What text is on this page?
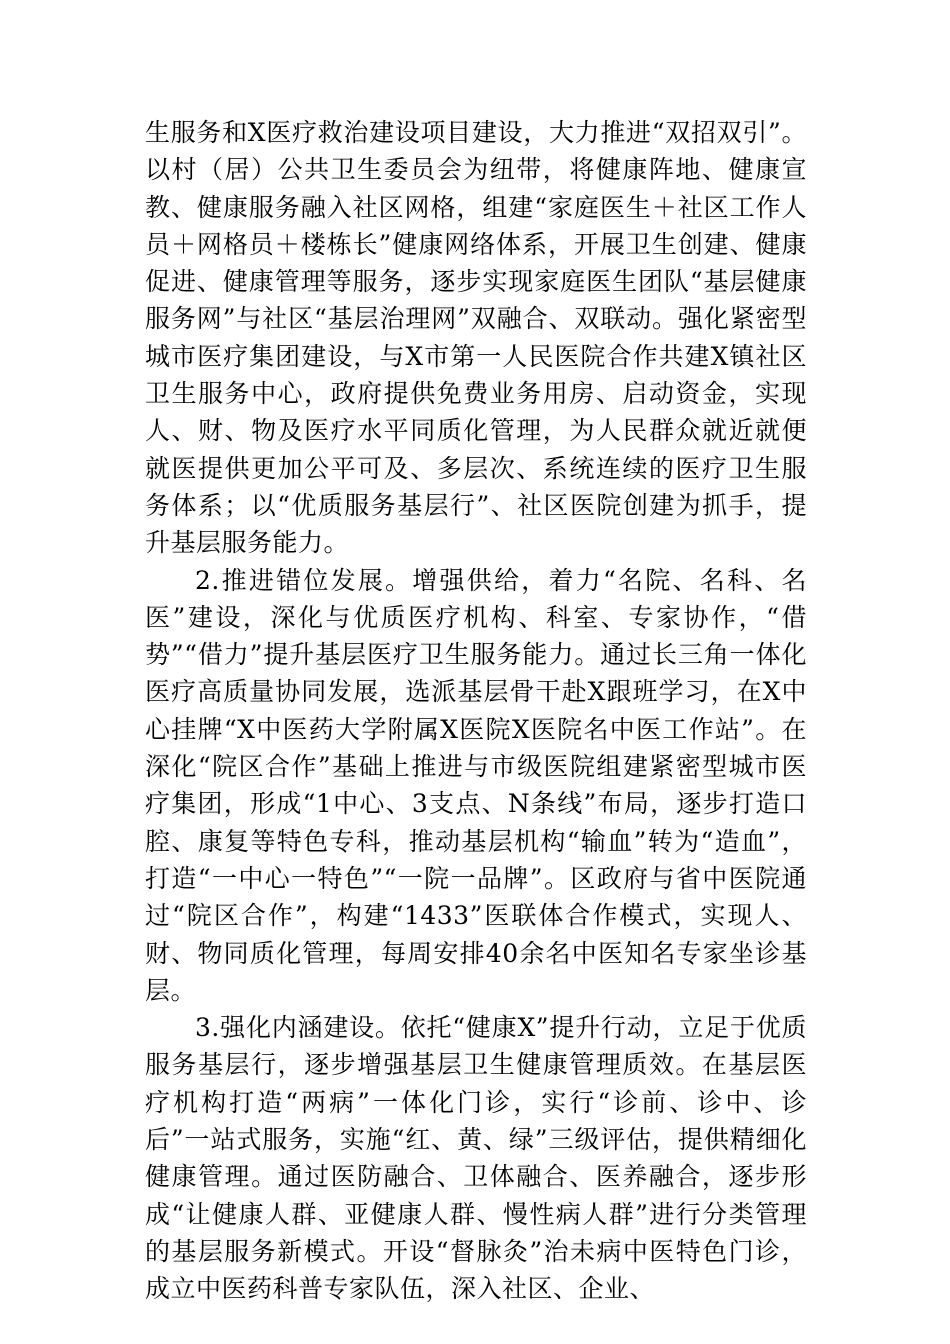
生服务和X医疗救治建设项目建设，大力推进“双招双引”。以村（居）公共卫生委员会为纽带，将健康阵地、健康宣教、健康服务融入社区网格，组建“家庭医生＋社区工作人员＋网格员＋楼栋长”健康网络体系，开展卫生创建、健康促进、健康管理等服务，逐步实现家庭医生团队“基层健康服务网”与社区“基层治理网”双融合、双联动。强化紧密型城市医疗集团建设，与X市第一人民医院合作共建X镇社区卫生服务中心，政府提供免费业务用房、启动资金，实现人、财、物及医疗水平同质化管理，为人民群众就近就便就医提供更加公平可及、多层次、系统连续的医疗卫生服务体系；以“优质服务基层行”、社区医院创建为抓手，提升基层服务能力。

2.推进错位发展。增强供给，着力“名院、名科、名医”建设，深化与优质医疗机构、科室、专家协作，“借势”“借力”提升基层医疗卫生服务能力。通过长三角一体化医疗高质量协同发展，选派基层骨干赴X跟班学习，在X中心挂牌“X中医药大学附属X医院X医院名中医工作站”。在深化“院区合作”基础上推进与市级医院组建紧密型城市医疗集团，形成“1中心、3支点、N条线”布局，逐步打造口腔、康复等特色专科，推动基层机构“输血”转为“造血”，打造“一中心一特色”“一院一品牌”。区政府与省中医院通过“院区合作”，构建“1433”医联体合作模式，实现人、财、物同质化管理，每周安排40余名中医知名专家坐诊基层。

3.强化内涵建设。依托“健康X”提升行动，立足于优质服务基层行，逐步增强基层卫生健康管理质效。在基层医疗机构打造“两病”一体化门诊，实行“诊前、诊中、诊后”一站式服务，实施“红、黄、绿”三级评估，提供精细化健康管理。通过医防融合、卫体融合、医养融合，逐步形成“让健康人群、亚健康人群、慢性病人群”进行分类管理的基层服务新模式。开设“督脉灸”治未病中医特色门诊，成立中医药科普专家队伍，深入社区、企业、
